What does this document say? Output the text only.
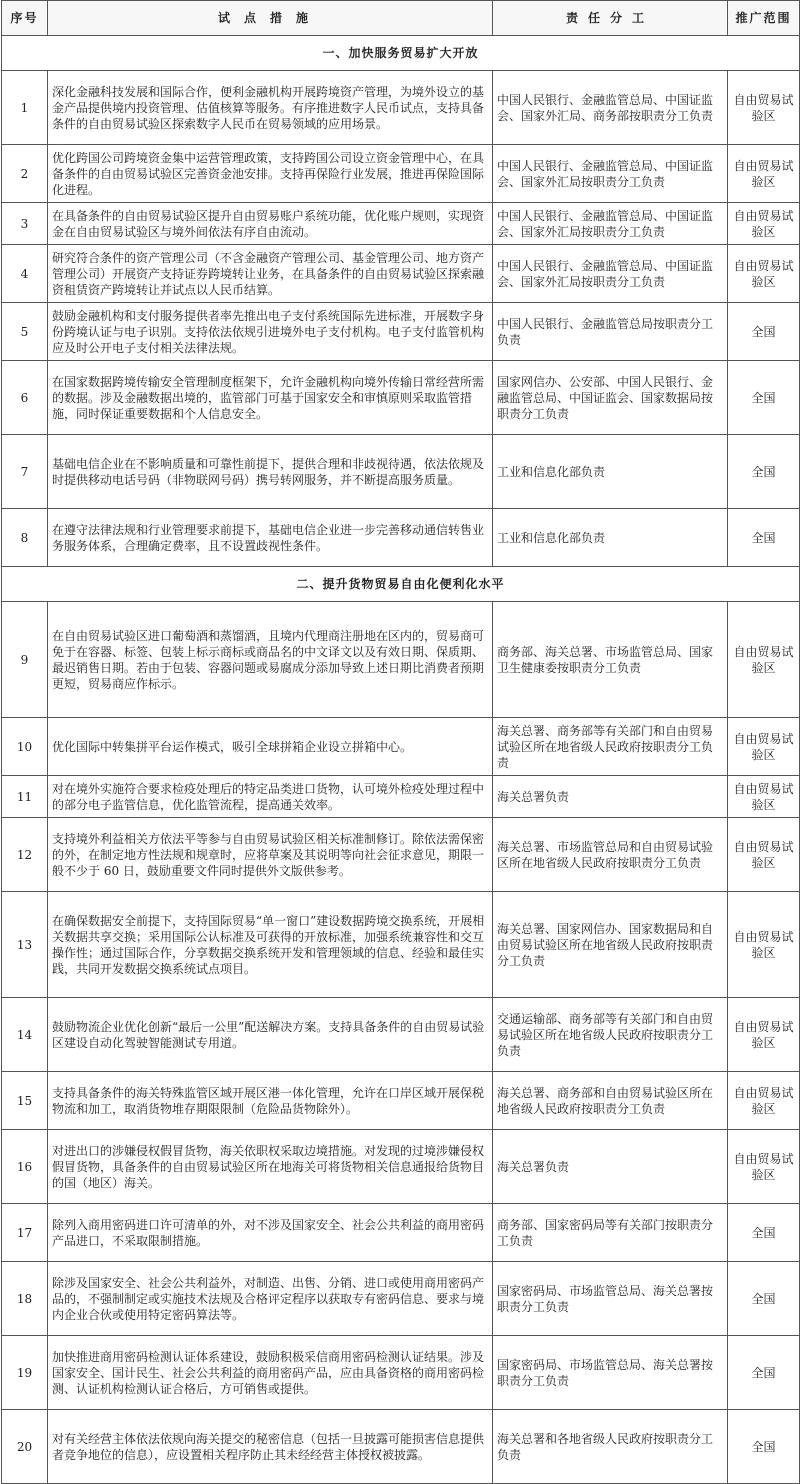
序号	试点措施	责任分工	推广范围
一、加快服务贸易扩大开放			
1	深化金融科技发展和国际合作，便利金融机构开展跨境资产管理，为境外设立的基金产品提供境内投资管理、估值核算等服务。有序推进数字人民币试点，支持具备条件的自由贸易试验区探索数字人民币在贸易领域的应用场景。	中国人民银行、金融监管总局、中国证监会、国家外汇局、商务部按职责分工负责	自由贸易试验区
2	优化跨国公司跨境资金集中运营管理政策，支持跨国公司设立资金管理中心，在具备条件的自由贸易试验区完善资金池安排。支持再保险行业发展，推进再保险国际化进程。	中国人民银行、金融监管总局、中国证监会、国家外汇局按职责分工负责	自由贸易试验区
3	在具备条件的自由贸易试验区提升自由贸易账户系统功能，优化账户规则，实现资金在自由贸易试验区与境外间依法有序自由流动。	中国人民银行、金融监管总局、中国证监会、国家外汇局按职责分工负责	自由贸易试验区
4	研究符合条件的资产管理公司（不含金融资产管理公司、基金管理公司、地方资产管理公司）开展资产支持证券跨境转让业务，在具备条件的自由贸易试验区探索融资租赁资产跨境转让并试点以人民币结算。	中国人民银行、金融监管总局、中国证监会、国家外汇局按职责分工负责	自由贸易试验区
5	鼓励金融机构和支付服务提供者率先推出电子支付系统国际先进标准，开展数字身份跨境认证与电子识别。支持依法依规引进境外电子支付机构。电子支付监管机构应及时公开电子支付相关法律法规。	中国人民银行、金融监管总局按职责分工负责	全国
6	在国家数据跨境传输安全管理制度框架下，允许金融机构向境外传输日常经营所需的数据。涉及金融数据出境的，监管部门可基于国家安全和审慎原则采取监管措施，同时保证重要数据和个人信息安全。	国家网信办、公安部、中国人民银行、金融监管总局、中国证监会、国家数据局按职责分工负责	全国
7	基础电信企业在不影响质量和可靠性前提下，提供合理和非歧视待遇，依法依规及时提供移动电话号码（非物联网号码）携号转网服务，并不断提高服务质量。	工业和信息化部负责	全国
8	在遵守法律法规和行业管理要求前提下，基础电信企业进一步完善移动通信转售业务服务体系，合理确定费率，且不设置歧视性条件。	工业和信息化部负责	全国
二、提升货物贸易自由化便利化水平			
9	在自由贸易试验区进口葡萄酒和蒸馏酒，且境内代理商注册地在区内的，贸易商可免于在容器、标签、包装上标示商标或商品名的中文译文以及有效日期、保质期、最迟销售日期。若由于包装、容器问题或易腐成分添加导致上述日期比消费者预期更短，贸易商应作标示。	商务部、海关总署、市场监管总局、国家卫生健康委按职责分工负责	自由贸易试验区
10	优化国际中转集拼平台运作模式，吸引全球拼箱企业设立拼箱中心。	海关总署、商务部等有关部门和自由贸易试验区所在地省级人民政府按职责分工负责	自由贸易试验区
11	对在境外实施符合要求检疫处理后的特定品类进口货物，认可境外检疫处理过程中的部分电子监管信息，优化监管流程，提高通关效率。	海关总署负责	自由贸易试验区
12	支持境外利益相关方依法平等参与自由贸易试验区相关标准制修订。除依法需保密的外，在制定地方性法规和规章时，应将草案及其说明等向社会征求意见，期限一般不少于 60 日，鼓励重要文件同时提供外文版供参考。	海关总署、市场监管总局和自由贸易试验区所在地省级人民政府按职责分工负责	自由贸易试验区
13	在确保数据安全前提下，支持国际贸易“单一窗口”建设数据跨境交换系统，开展相关数据共享交换；采用国际公认标准及可获得的开放标准，加强系统兼容性和交互操作性；通过国际合作，分享数据交换系统开发和管理领域的信息、经验和最佳实践，共同开发数据交换系统试点项目。	海关总署、国家网信办、国家数据局和自由贸易试验区所在地省级人民政府按职责分工负责	自由贸易试验区
14	鼓励物流企业优化创新“最后一公里”配送解决方案。支持具备条件的自由贸易试验区建设自动化驾驶智能测试专用道。	交通运输部、商务部等有关部门和自由贸易试验区所在地省级人民政府按职责分工负责	自由贸易试验区
15	支持具备条件的海关特殊监管区域开展区港一体化管理，允许在口岸区域开展保税物流和加工，取消货物堆存期限限制（危险品货物除外）。	海关总署、商务部和自由贸易试验区所在地省级人民政府按职责分工负责	自由贸易试验区
16	对进出口的涉嫌侵权假冒货物，海关依职权采取边境措施。对发现的过境涉嫌侵权假冒货物，具备条件的自由贸易试验区所在地海关可将货物相关信息通报给货物目的国（地区）海关。	海关总署负责	自由贸易试验区
17	除列入商用密码进口许可清单的外，对不涉及国家安全、社会公共利益的商用密码产品进口，不采取限制措施。	商务部、国家密码局等有关部门按职责分工负责	全国
18	除涉及国家安全、社会公共利益外，对制造、出售、分销、进口或使用商用密码产品的，不强制制定或实施技术法规及合格评定程序以获取专有密码信息、要求与境内企业合伙或使用特定密码算法等。	国家密码局、市场监管总局、海关总署按职责分工负责	全国
19	加快推进商用密码检测认证体系建设，鼓励积极采信商用密码检测认证结果。涉及国家安全、国计民生、社会公共利益的商用密码产品，应由具备资格的商用密码检测、认证机构检测认证合格后，方可销售或提供。	国家密码局、市场监管总局、海关总署按职责分工负责	全国
20	对有关经营主体依法依规向海关提交的秘密信息（包括一旦披露可能损害信息提供者竞争地位的信息），应设置相关程序防止其未经经营主体授权被披露。	海关总署和各地省级人民政府按职责分工负责	全国
